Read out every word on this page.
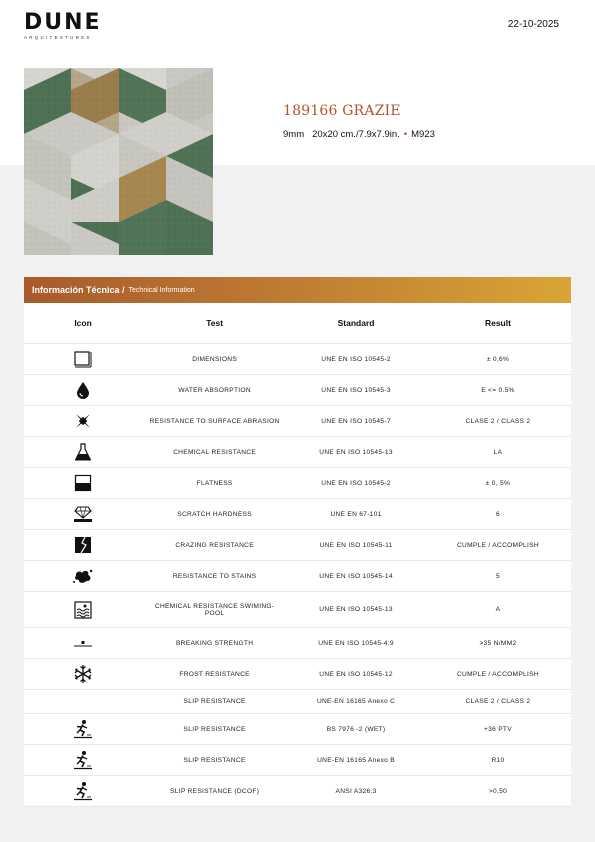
DUNE
ARQUITEXTURES
22-10-2025
189166 GRAZIE
9mm 20x20 cm./7.9x7.9in. • M923
Información Técnica / Technical Information
Icon	Test	Standard	Result

	DIMENSIONS	UNE EN ISO 10545-2	± 0,6%

	WATER ABSORPTION	UNE EN ISO 10545-3	E <= 0.5%

	RESISTANCE TO SURFACE ABRASION	UNE EN ISO 10545-7	CLASE 2 / CLASS 2

	CHEMICAL RESISTANCE	UNE EN ISO 10545-13	LA

	FLATNESS	UNE EN ISO 10545-2	± 0, 5%

	SCRATCH HARDNESS	UNE EN 67-101	6

	CRAZING RESISTANCE	UNE EN ISO 10545-11	CUMPLE / ACCOMPLISH

	RESISTANCE TO STAINS	UNE EN ISO 10545-14	5

	CHEMICAL RESISTANCE SWIMING-POOL	UNE EN ISO 10545-13	A

	BREAKING STRENGTH	UNE EN ISO 10545-4:9	>35 N/MM2

	FROST RESISTANCE	UNE EN ISO 10545-12	CUMPLE / ACCOMPLISH
	SLIP RESISTANCE	UNE-EN 16165 Anexo C	CLASE 2 / CLASS 2

	SLIP RESISTANCE	BS 7976 -2 (WET)	+36 PTV

	SLIP RESISTANCE	UNE-EN 16165 Anexo B	R10

	SLIP RESISTANCE (DCOF)	ANSI A326.3	>0,50
